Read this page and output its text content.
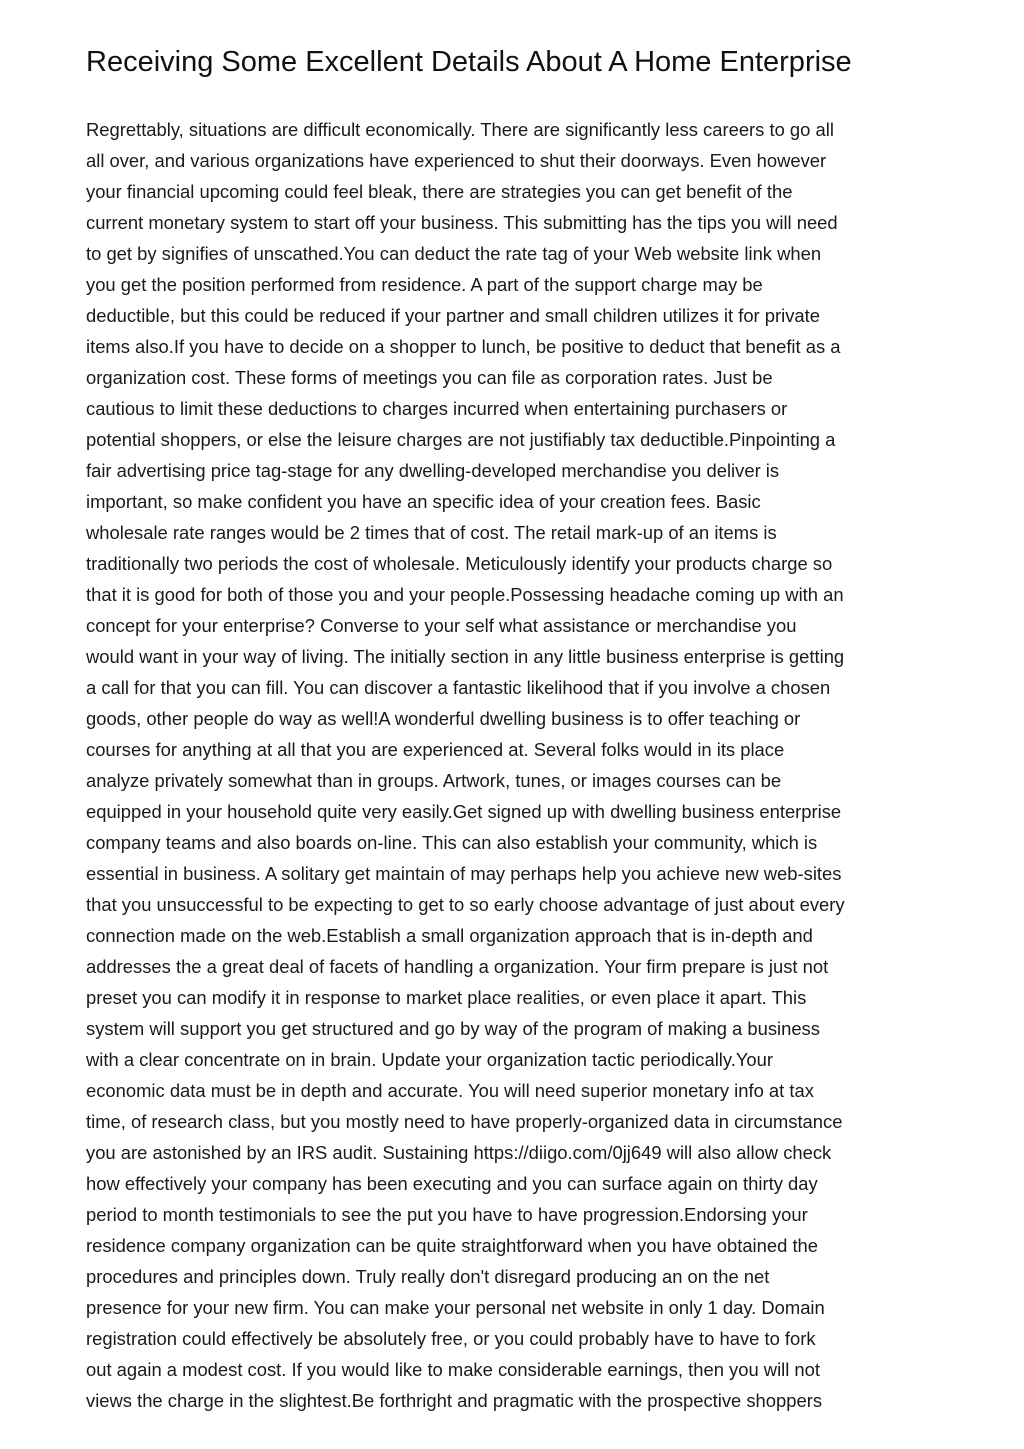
Receiving Some Excellent Details About A Home Enterprise
Regrettably, situations are difficult economically. There are significantly less careers to go all
all over, and various organizations have experienced to shut their doorways. Even however
your financial upcoming could feel bleak, there are strategies you can get benefit of the
current monetary system to start off your business. This submitting has the tips you will need
to get by signifies of unscathed.You can deduct the rate tag of your Web website link when
you get the position performed from residence. A part of the support charge may be
deductible, but this could be reduced if your partner and small children utilizes it for private
items also.If you have to decide on a shopper to lunch, be positive to deduct that benefit as a
organization cost. These forms of meetings you can file as corporation rates. Just be
cautious to limit these deductions to charges incurred when entertaining purchasers or
potential shoppers, or else the leisure charges are not justifiably tax deductible.Pinpointing a
fair advertising price tag-stage for any dwelling-developed merchandise you deliver is
important, so make confident you have an specific idea of your creation fees. Basic
wholesale rate ranges would be 2 times that of cost. The retail mark-up of an items is
traditionally two periods the cost of wholesale. Meticulously identify your products charge so
that it is good for both of those you and your people.Possessing headache coming up with an
concept for your enterprise? Converse to your self what assistance or merchandise you
would want in your way of living. The initially section in any little business enterprise is getting
a call for that you can fill. You can discover a fantastic likelihood that if you involve a chosen
goods, other people do way as well!A wonderful dwelling business is to offer teaching or
courses for anything at all that you are experienced at. Several folks would in its place
analyze privately somewhat than in groups. Artwork, tunes, or images courses can be
equipped in your household quite very easily.Get signed up with dwelling business enterprise
company teams and also boards on-line. This can also establish your community, which is
essential in business. A solitary get maintain of may perhaps help you achieve new web-sites
that you unsuccessful to be expecting to get to so early choose advantage of just about every
connection made on the web.Establish a small organization approach that is in-depth and
addresses the a great deal of facets of handling a organization. Your firm prepare is just not
preset you can modify it in response to market place realities, or even place it apart. This
system will support you get structured and go by way of the program of making a business
with a clear concentrate on in brain. Update your organization tactic periodically.Your
economic data must be in depth and accurate. You will need superior monetary info at tax
time, of research class, but you mostly need to have properly-organized data in circumstance
you are astonished by an IRS audit. Sustaining https://diigo.com/0jj649 will also allow check
how effectively your company has been executing and you can surface again on thirty day
period to month testimonials to see the put you have to have progression.Endorsing your
residence company organization can be quite straightforward when you have obtained the
procedures and principles down. Truly really don't disregard producing an on the net
presence for your new firm. You can make your personal net website in only 1 day. Domain
registration could effectively be absolutely free, or you could probably have to have to fork
out again a modest cost. If you would like to make considerable earnings, then you will not
views the charge in the slightest.Be forthright and pragmatic with the prospective shoppers
